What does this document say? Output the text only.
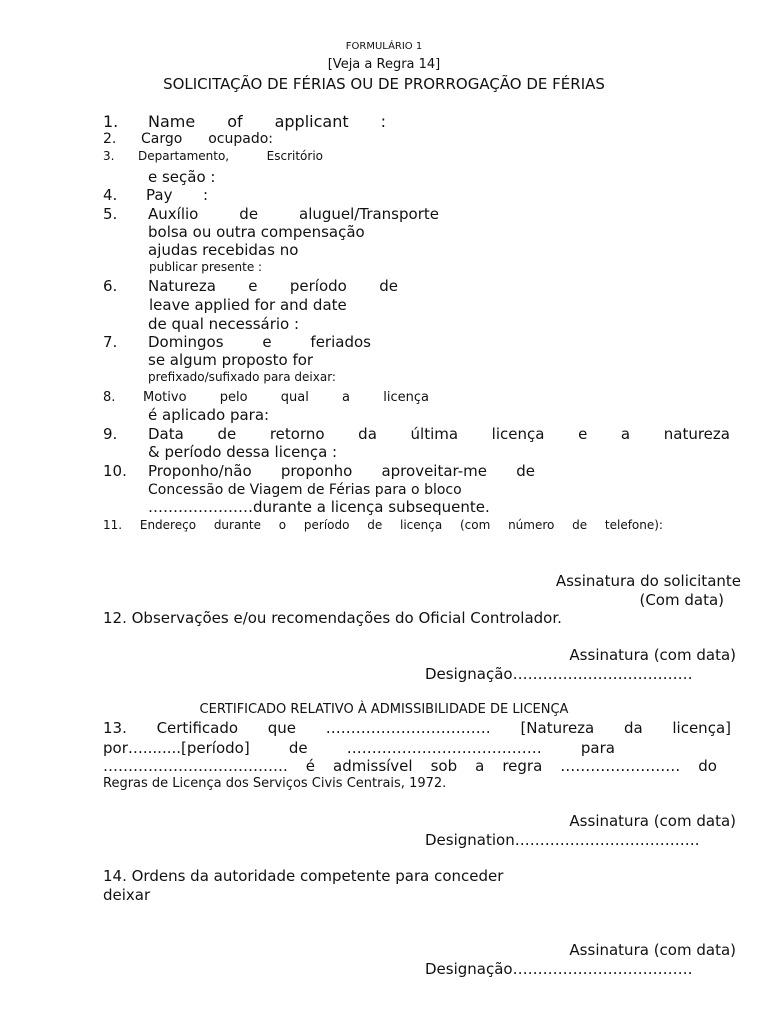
FORMULÁRIO 1
[Veja a Regra 14]
SOLICITAÇÃO DE FÉRIAS OU DE PRORROGAÇÃO DE FÉRIAS
1. Name of applicant :
2. Cargo ocupado:
3. Departamento,	Escritório
e seção :
4. Pay :
5. Auxílio	de	aluguel/Transporte
bolsa ou outra compensação
ajudas recebidas no
publicar presente :
6. Natureza e período de
leave applied for and date
de qual necessário :
7. Domingos	e	feriados
se algum proposto for
prefixado/sufixado para deixar:
8. Motivo	pelo	qual	a	licença
é aplicado para:
9. Data de retorno da última licença e a natureza
& período dessa licença :
10. Proponho/não proponho aproveitar-me de
Concessão de Viagem de Férias para o bloco
…………………durante a licença subsequente.
11. Endereço durante o período de licença (com número de telefone):
Assinatura do solicitante
(Com data)
12. Observações e/ou recomendações do Oficial Controlador.
Assinatura (com data)
Designação………………………………
CERTIFICADO RELATIVO À ADMISSIBILIDADE DE LICENÇA
13. Certificado que …………………………… [Natureza da licença]
por…........[período]	de	…………………………………	para
………………………………. é admissível sob a regra …………………… do
Regras de Licença dos Serviços Civis Centrais, 1972.
Assinatura (com data)
Designation……………………………….
14. Ordens da autoridade competente para conceder
deixar
Assinatura (com data)
Designação………………………………
